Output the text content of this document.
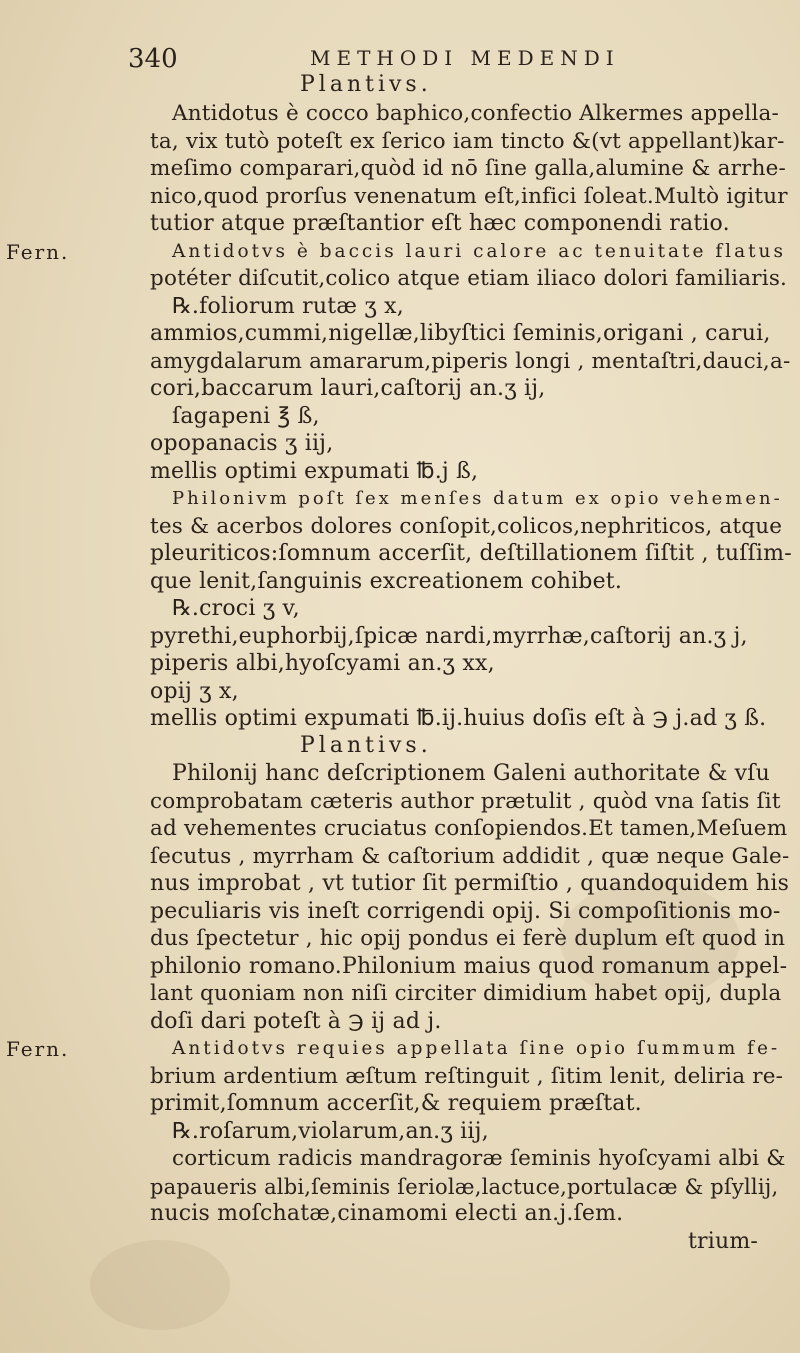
340	METHODI MEDENDI
Plantivs.
Fern.
Fern.
Plantivs.
Antidotus è cocco baphico,confectio Alkermes appella-
ta, vix tutò poteſt ex ſerico iam tincto &(vt appellant)kar-
meſimo comparari,quòd id nō ſine galla,alumine & arrhe-
nico,quod prorſus venenatum eſt,infici ſoleat.Multò igitur
tutior atque præſtantior eſt hæc componendi ratio.
Antidotvs è baccis lauri calore ac tenuitate flatus
potéter diſcutit,colico atque etiam iliaco dolori familiaris.
℞.foliorum rutæ ʒ x,
ammios,cummi,nigellæ,libyſtici ſeminis,origani , carui,
amygdalarum amararum,piperis longi , mentaſtri,dauci,a-
cori,baccarum lauri,caſtorij an.ʒ ij,
ſagapeni ℥ ß,
opopanacis ʒ iij,
mellis optimi expumati ℔.j ß,
Philonivm poſt ſex menſes datum ex opio vehemen-
tes & acerbos dolores conſopit,colicos,nephriticos, atque
pleuriticos:ſomnum accerſit, deſtillationem ſiſtit , tuſſim-
que lenit,ſanguinis excreationem cohibet.
℞.croci ʒ v,
pyrethi,euphorbij,ſpicæ nardi,myrrhæ,caſtorij an.ʒ j,
piperis albi,hyoſcyami an.ʒ xx,
opij ʒ x,
mellis optimi expumati ℔.ij.huius doſis eſt à ℈ j.ad ʒ ß.
Philonij hanc deſcriptionem Galeni authoritate & vſu
comprobatam cæteris author prætulit , quòd vna ſatis ſit
ad vehementes cruciatus conſopiendos.Et tamen,Meſuem
ſecutus , myrrham & caſtorium addidit , quæ neque Gale-
nus improbat , vt tutior ſit permiſtio , quandoquidem his
peculiaris vis ineſt corrigendi opij. Si compoſitionis mo-
dus ſpectetur , hic opij pondus ei ferè duplum eſt quod in
philonio romano.Philonium maius quod romanum appel-
lant quoniam non niſi circiter dimidium habet opij, dupla
doſi dari poteſt à ℈ ij ad j.
Antidotvs requies appellata ſine opio ſummum fe-
brium ardentium æſtum reſtinguit , ſitim lenit, deliria re-
primit,ſomnum accerſit,& requiem præſtat.
℞.roſarum,violarum,an.ʒ iij,
corticum radicis mandragoræ ſeminis hyoſcyami albi &
papaueris albi,ſeminis ſeriolæ,lactuce,portulacæ & pſyllij,
nucis moſchatæ,cinamomi electi an.j.ſem.
trium-
